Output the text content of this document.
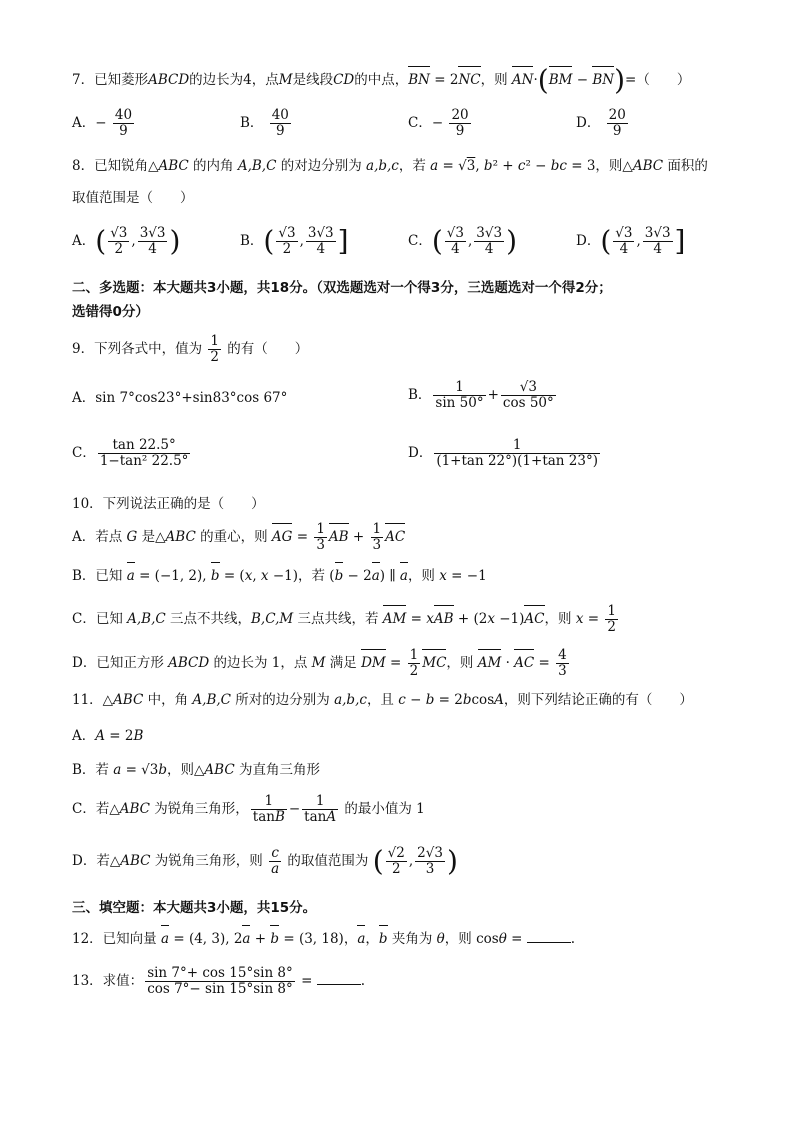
7．已知菱形ABCD的边长为4，点M是线段CD的中点，BN = 2NC，则 AN·(BM − BN)=（　　）
A．− $\frac{40}{9}$	B． $\frac{40}{9}$	C．− $\frac{20}{9}$	D． $\frac{20}{9}$
8．已知锐角△ABC 的内角 A,B,C 的对边分别为 a,b,c，若 a = √3, b² + c² − bc = 3，则△ABC 面积的
取值范围是（　　）
A．( $\frac{√3}{2}$ , $\frac{3√3}{4}$ )	B．( $\frac{√3}{2}$ , $\frac{3√3}{4}$ ]	C．( $\frac{√3}{4}$ , $\frac{3√3}{4}$ )	D．( $\frac{√3}{4}$ , $\frac{3√3}{4}$ ]
二、多选题：本大题共3小题，共18分。（双选题选对一个得3分，三选题选对一个得2分；
选错得0分）
9．下列各式中，值为 $\frac{1}{2}$ 的有（　　）
A．sin 7°cos23°+sin83°cos 67°	B． $\frac{1}{\sin 50^\circ} + \frac{√3}{\cos 50^\circ}$
C． $\frac{\tan 22.5^\circ}{\text{1−tan² 22.5°}}$	D． $\frac{1}{(1+\tan 22^\circ)(1+\tan 23^\circ)}$
10．下列说法正确的是（　　）
A．若点 G 是△ABC 的重心，则 AG = $\frac{1}{3}$ AB + $\frac{1}{3}$ AC
B．已知 a = (−1, 2), b = (x, x −1)，若 (b − 2a) ∥ a，则 x = −1
C．已知 A,B,C 三点不共线，B,C,M 三点共线，若 AM = xAB + (2x −1)AC，则 $x = \frac{1}{2}$
D．已知正方形 ABCD 的边长为 1，点 M 满足 DM = $\frac{1}{2}$ MC，则 AM · AC = $\frac{4}{3}$
11．△ABC 中，角 A,B,C 所对的边分别为 a,b,c，且 c − b = 2bcosA，则下列结论正确的有（　　）
A．A = 2B
B．若 a = √3b，则△ABC 为直角三角形
C．若△ABC 为锐角三角形， $\frac{1}{\tan B} - \frac{1}{\tan A}$ 的最小值为 1
D．若△ABC 为锐角三角形，则 $\frac{c}{a}$ 的取值范围为 ( $\frac{√2}{2}$ , $\frac{2√3}{3}$ )
三、填空题：本大题共3小题，共15分。
12．已知向量 a = (4, 3), 2a + b = (3, 18)，a，b 夹角为 θ，则 cosθ =	.
13．求值： $\frac{\sin 7^\circ+ \cos 15^\circ\sin 8^\circ}{\cos 7^\circ- \sin 15^\circ\sin 8^\circ}$ =	.
